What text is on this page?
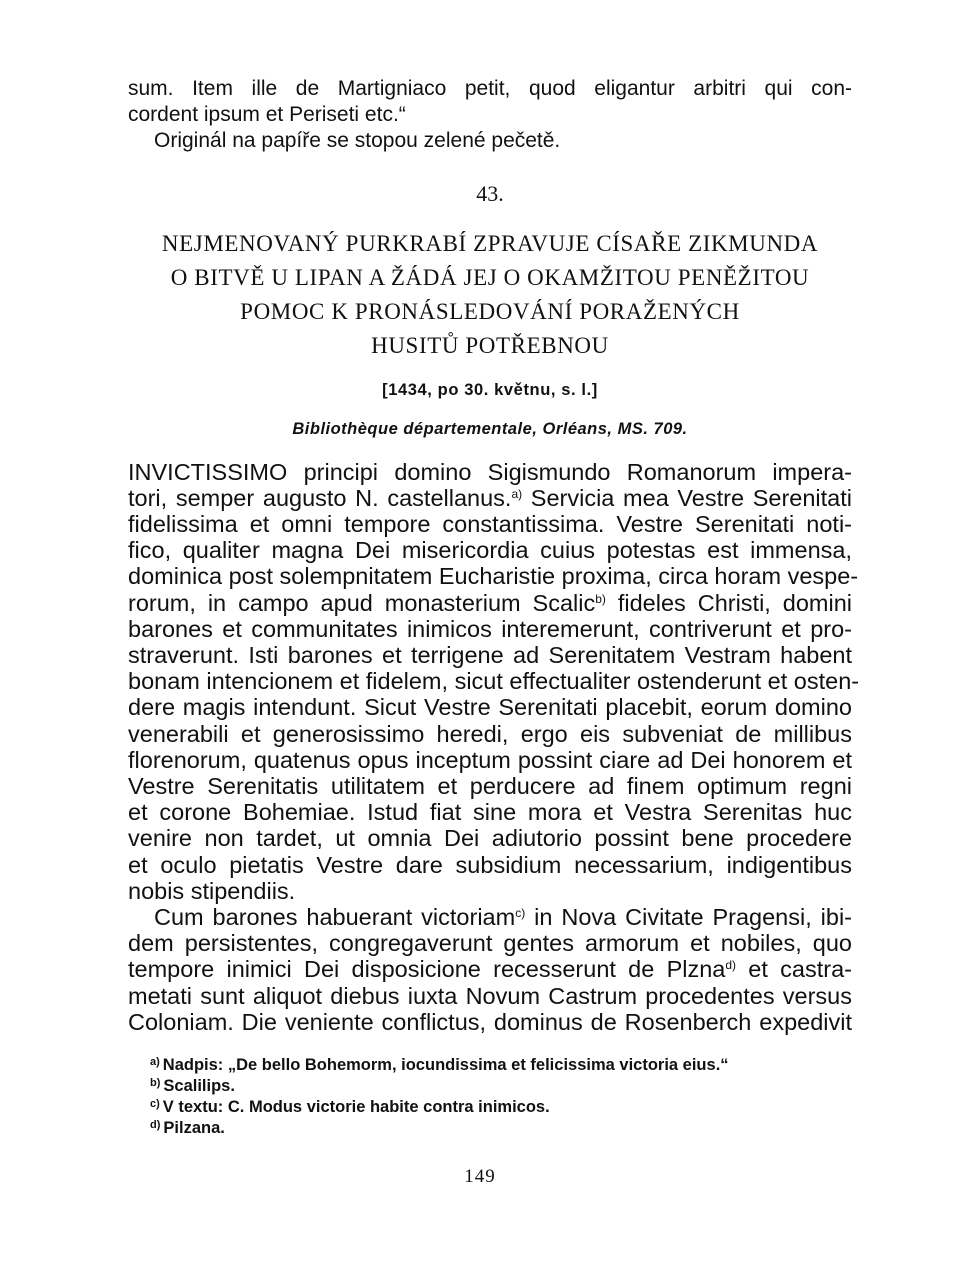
sum. Item ille de Martigniaco petit, quod eligantur arbitri qui con-
cordent ipsum et Periseti etc.“
Originál na papíře se stopou zelené pečetě.
43.
NEJMENOVANÝ PURKRABÍ ZPRAVUJE CÍSAŘE ZIKMUNDA
O BITVĚ U LIPAN A ŽÁDÁ JEJ O OKAMŽITOU PENĚŽITOU
POMOC K PRONÁSLEDOVÁNÍ PORAŽENÝCH
HUSITŮ POTŘEBNOU
[1434, po 30. květnu, s. l.]
Bibliothèque départementale, Orléans, MS. 709.
INVICTISSIMO principi domino Sigismundo Romanorum impera-
tori, semper augusto N. castellanus.$^{a)}$ Servicia mea Vestre Serenitati
fidelissima et omni tempore constantissima. Vestre Serenitati noti-
fico, qualiter magna Dei misericordia cuius potestas est immensa,
dominica post solempnitatem Eucharistie proxima, circa horam vespe-
rorum, in campo apud monasterium Scalic$^{b)}$ fideles Christi, domini
barones et communitates inimicos interemerunt, contriverunt et pro-
straverunt. Isti barones et terrigene ad Serenitatem Vestram habent
bonam intencionem et fidelem, sicut effectualiter ostenderunt et osten-
dere magis intendunt. Sicut Vestre Serenitati placebit, eorum domino
venerabili et generosissimo heredi, ergo eis subveniat de millibus
florenorum, quatenus opus inceptum possint ciare ad Dei honorem et
Vestre Serenitatis utilitatem et perducere ad finem optimum regni
et corone Bohemiae. Istud fiat sine mora et Vestra Serenitas huc
venire non tardet, ut omnia Dei adiutorio possint bene procedere
et oculo pietatis Vestre dare subsidium necessarium, indigentibus
nobis stipendiis.
Cum barones habuerant victoriam$^{c)}$ in Nova Civitate Pragensi, ibi-
dem persistentes, congregaverunt gentes armorum et nobiles, quo
tempore inimici Dei disposicione recesserunt de Plzna$^{d)}$ et castra-
metati sunt aliquot diebus iuxta Novum Castrum procedentes versus
Coloniam. Die veniente conflictus, dominus de Rosenberch expedivit
$^{a)}$ Nadpis: „De bello Bohemorm, iocundissima et felicissima victoria eius.“
$^{b)}$ Scalilips.
$^{c)}$ V textu: C. Modus victorie habite contra inimicos.
$^{d)}$ Pilzana.
149
